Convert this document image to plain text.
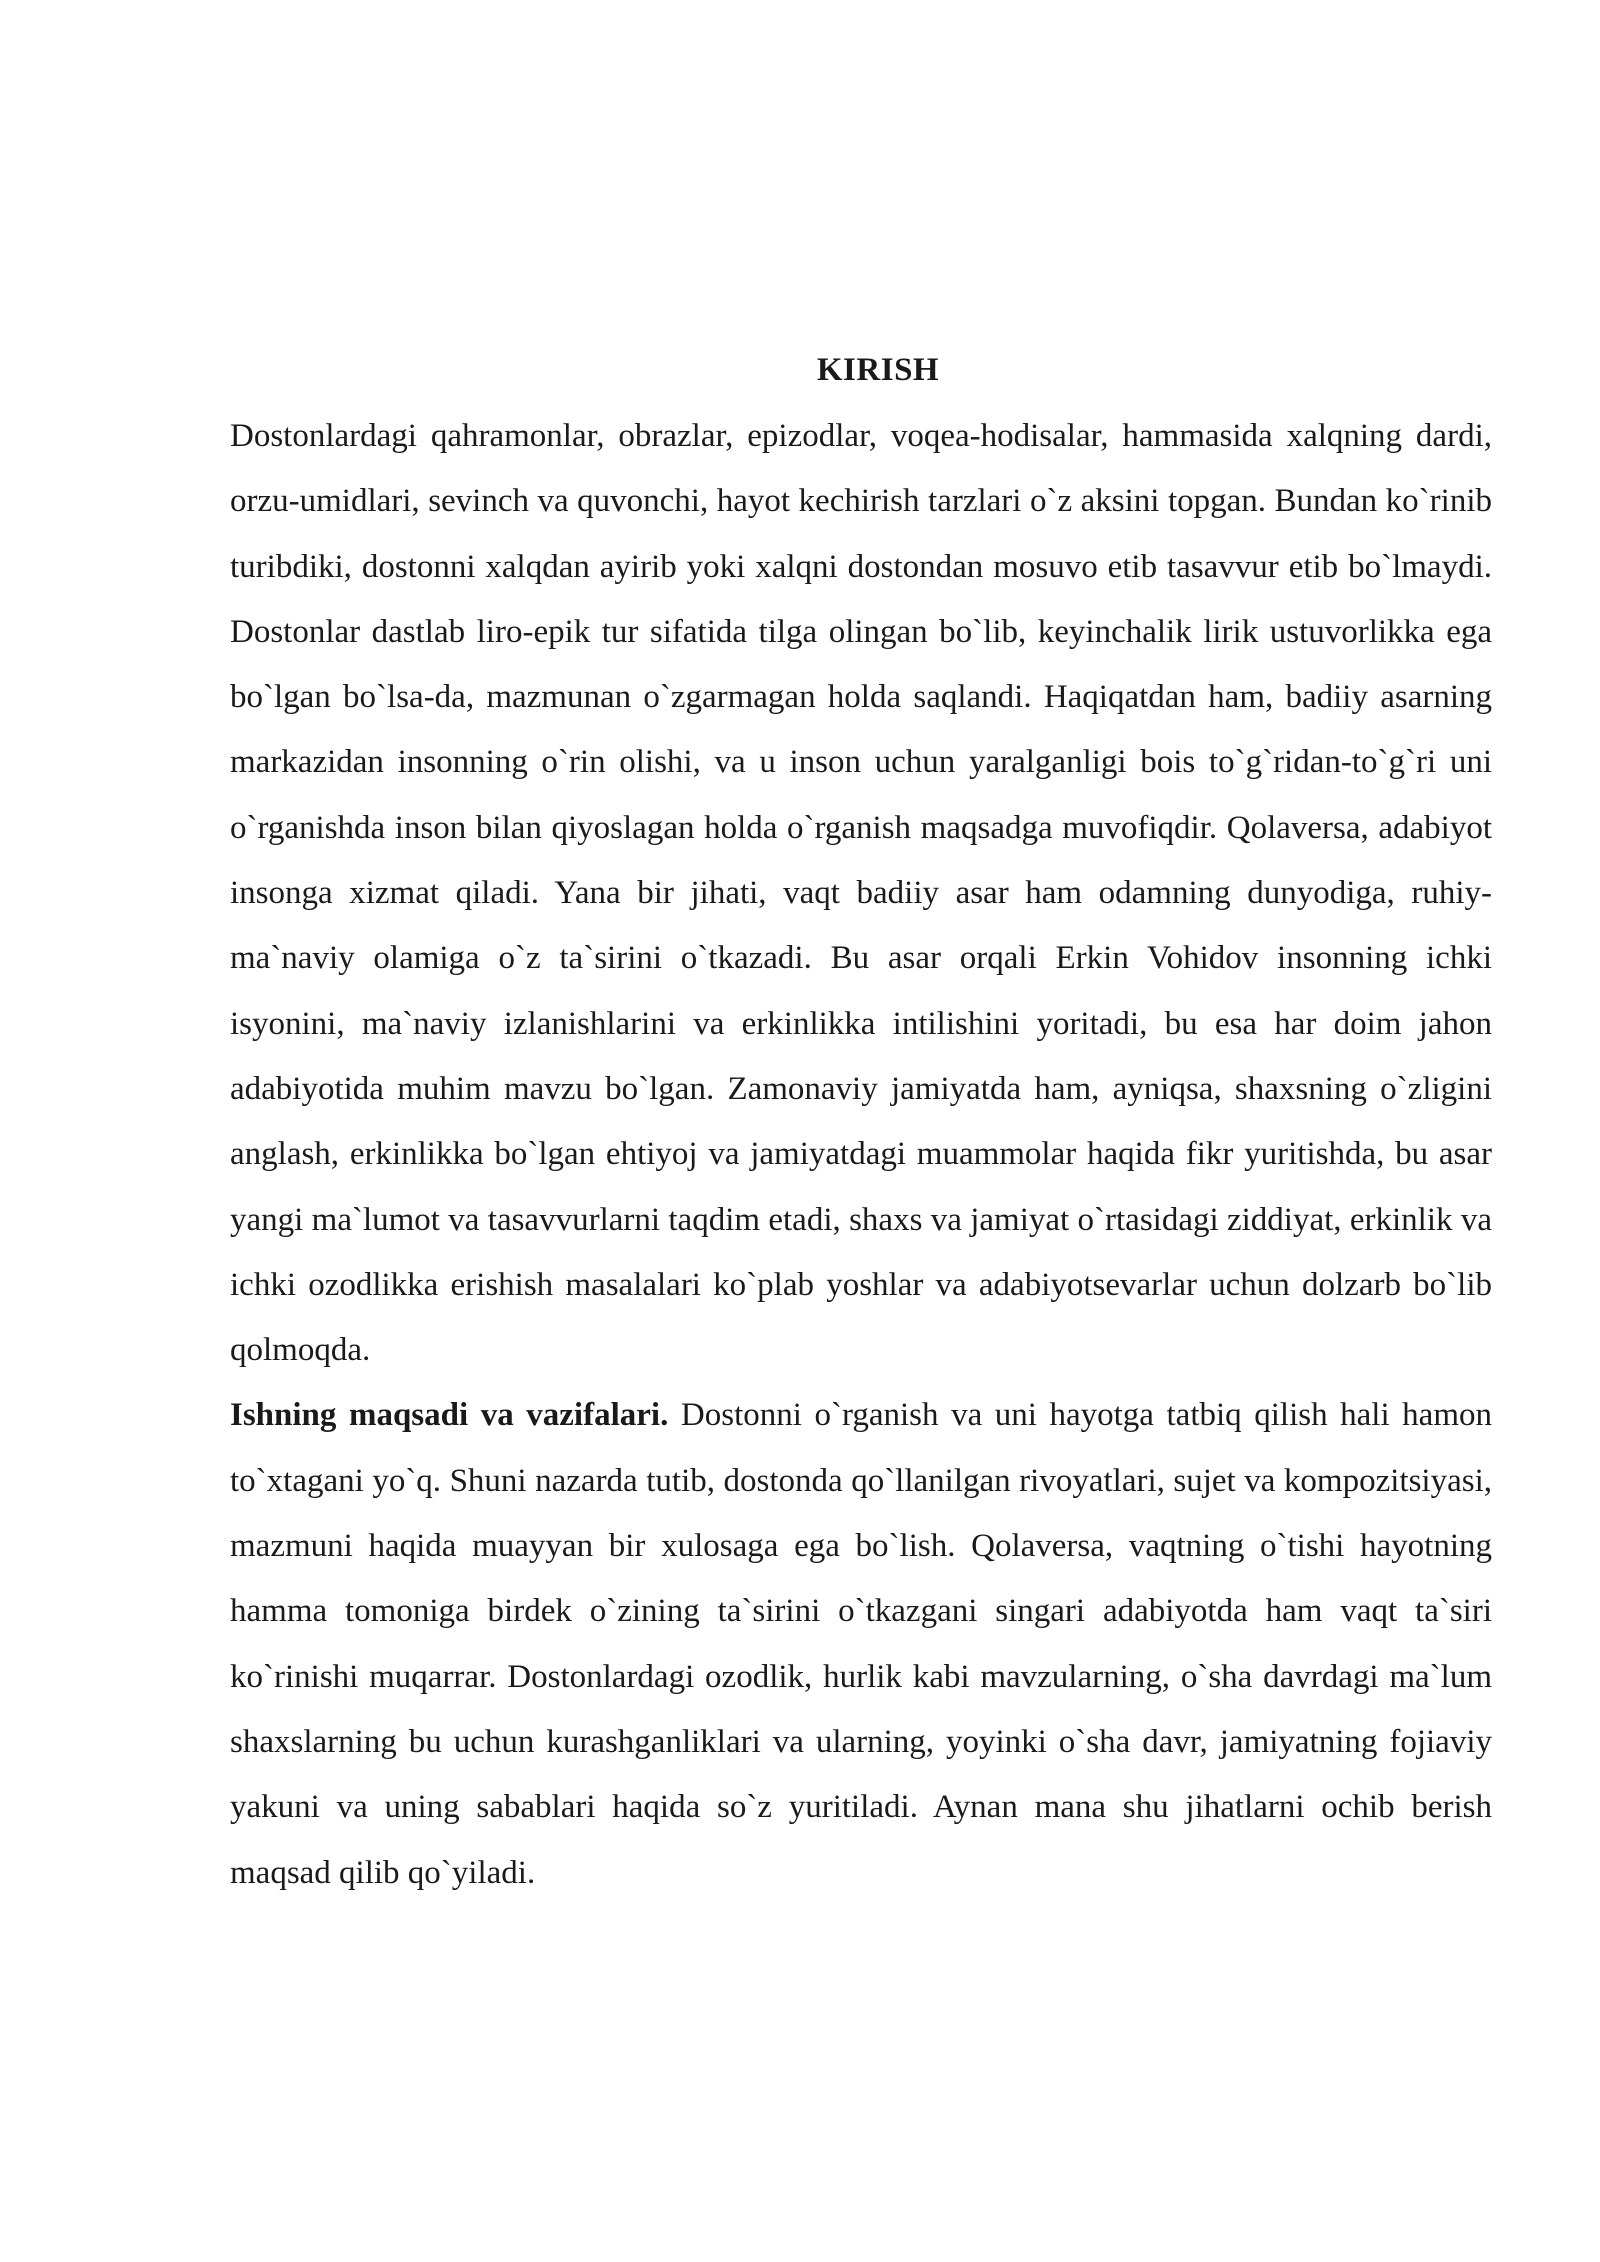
KIRISH

Dostonlardagi qahramonlar, obrazlar, epizodlar, voqea-hodisalar, hammasida xalqning dardi, orzu-umidlari, sevinch va quvonchi, hayot kechirish tarzlari o`z aksini topgan. Bundan ko`rinib turibdiki, dostonni xalqdan ayirib yoki xalqni dostondan mosuvo etib tasavvur etib bo`lmaydi. Dostonlar dastlab liro-epik tur sifatida tilga olingan bo`lib, keyinchalik lirik ustuvorlikka ega bo`lgan bo`lsa-da, mazmunan o`zgarmagan holda saqlandi. Haqiqatdan ham, badiiy asarning markazidan insonning o`rin olishi, va u inson uchun yaralganligi bois to`g`ridan-to`g`ri uni o`rganishda inson bilan qiyoslagan holda o`rganish maqsadga muvofiqdir. Qolaversa, adabiyot insonga xizmat qiladi. Yana bir jihati, vaqt badiiy asar ham odamning dunyodiga, ruhiy-ma`naviy olamiga o`z ta`sirini o`tkazadi. Bu asar orqali Erkin Vohidov insonning ichki isyonini, ma`naviy izlanishlarini va erkinlikka intilishini yoritadi, bu esa har doim jahon adabiyotida muhim mavzu bo`lgan. Zamonaviy jamiyatda ham, ayniqsa, shaxsning o`zligini anglash, erkinlikka bo`lgan ehtiyoj va jamiyatdagi muammolar haqida fikr yuritishda, bu asar yangi ma`lumot va tasavvurlarni taqdim etadi, shaxs va jamiyat o`rtasidagi ziddiyat, erkinlik va ichki ozodlikka erishish masalalari ko`plab yoshlar va adabiyotsevarlar uchun dolzarb bo`lib qolmoqda.

Ishning maqsadi va vazifalari. Dostonni o`rganish va uni hayotga tatbiq qilish hali hamon to`xtagani yo`q. Shuni nazarda tutib, dostonda qo`llanilgan rivoyatlari, sujet va kompozitsiyasi, mazmuni haqida muayyan bir xulosaga ega bo`lish. Qolaversa, vaqtning o`tishi hayotning hamma tomoniga birdek o`zining ta`sirini o`tkazgani singari adabiyotda ham vaqt ta`siri ko`rinishi muqarrar. Dostonlardagi ozodlik, hurlik kabi mavzularning, o`sha davrdagi ma`lum shaxslarning bu uchun kurashganliklari va ularning, yoyinki o`sha davr, jamiyatning fojiaviy yakuni va uning sabablari haqida so`z yuritiladi. Aynan mana shu jihatlarni ochib berish maqsad qilib qo`yiladi.
